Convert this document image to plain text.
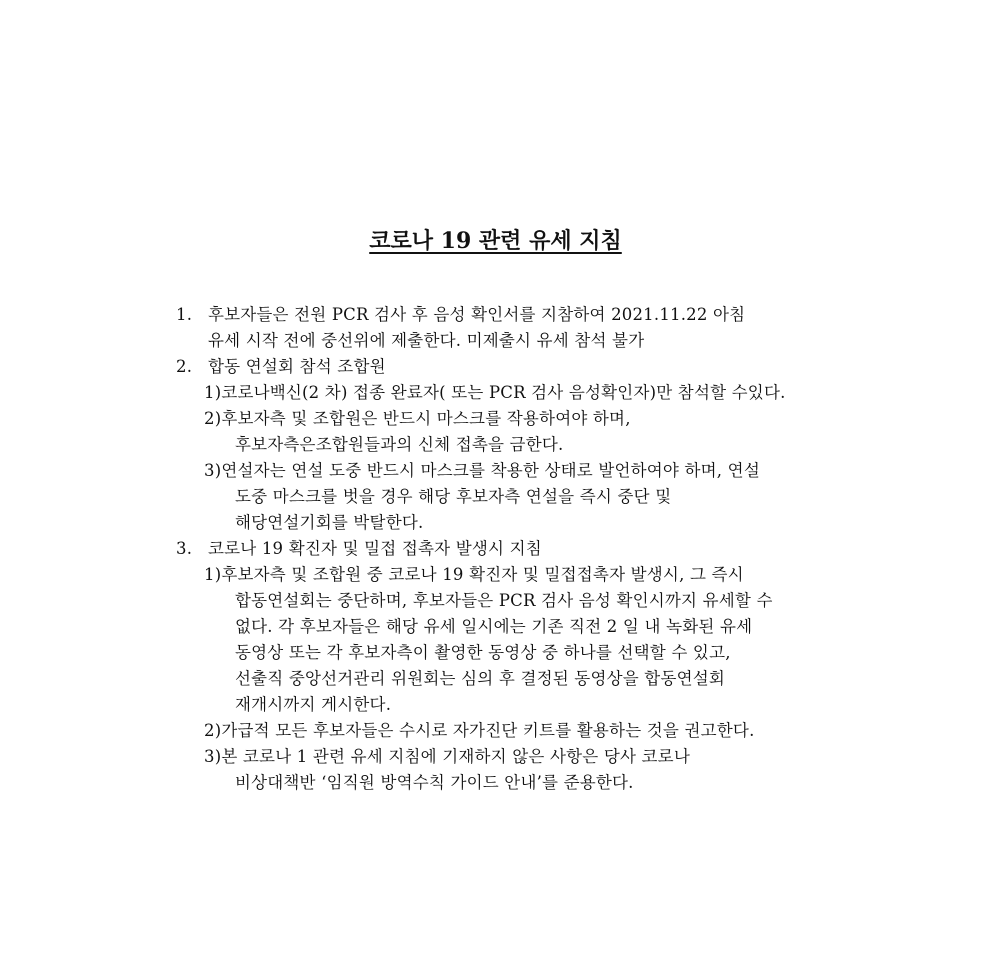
코로나 19 관련 유세 지침
1. 후보자들은 전원 PCR 검사 후 음성 확인서를 지참하여 2021.11.22 아침
유세 시작 전에 중선위에 제출한다. 미제출시 유세 참석 불가
2. 합동 연설회 참석 조합원
1)코로나백신(2 차) 접종 완료자( 또는 PCR 검사 음성확인자)만 참석할 수있다.
2)후보자측 및 조합원은 반드시 마스크를 작용하여야 하며,
후보자측은조합원들과의 신체 접촉을 금한다.
3)연설자는 연설 도중 반드시 마스크를 착용한 상태로 발언하여야 하며, 연설
도중 마스크를 벗을 경우 해당 후보자측 연설을 즉시 중단 및
해당연설기회를 박탈한다.
3. 코로나 19 확진자 및 밀접 접촉자 발생시 지침
1)후보자측 및 조합원 중 코로나 19 확진자 및 밀접접촉자 발생시, 그 즉시
합동연설회는 중단하며, 후보자들은 PCR 검사 음성 확인시까지 유세할 수
없다. 각 후보자들은 해당 유세 일시에는 기존 직전 2 일 내 녹화된 유세
동영상 또는 각 후보자측이 촬영한 동영상 중 하나를 선택할 수 있고,
선출직 중앙선거관리 위원회는 심의 후 결정된 동영상을 합동연설회
재개시까지 게시한다.
2)가급적 모든 후보자들은 수시로 자가진단 키트를 활용하는 것을 권고한다.
3)본 코로나 1 관련 유세 지침에 기재하지 않은 사항은 당사 코로나
비상대책반 ‘임직원 방역수칙 가이드 안내’를 준용한다.
